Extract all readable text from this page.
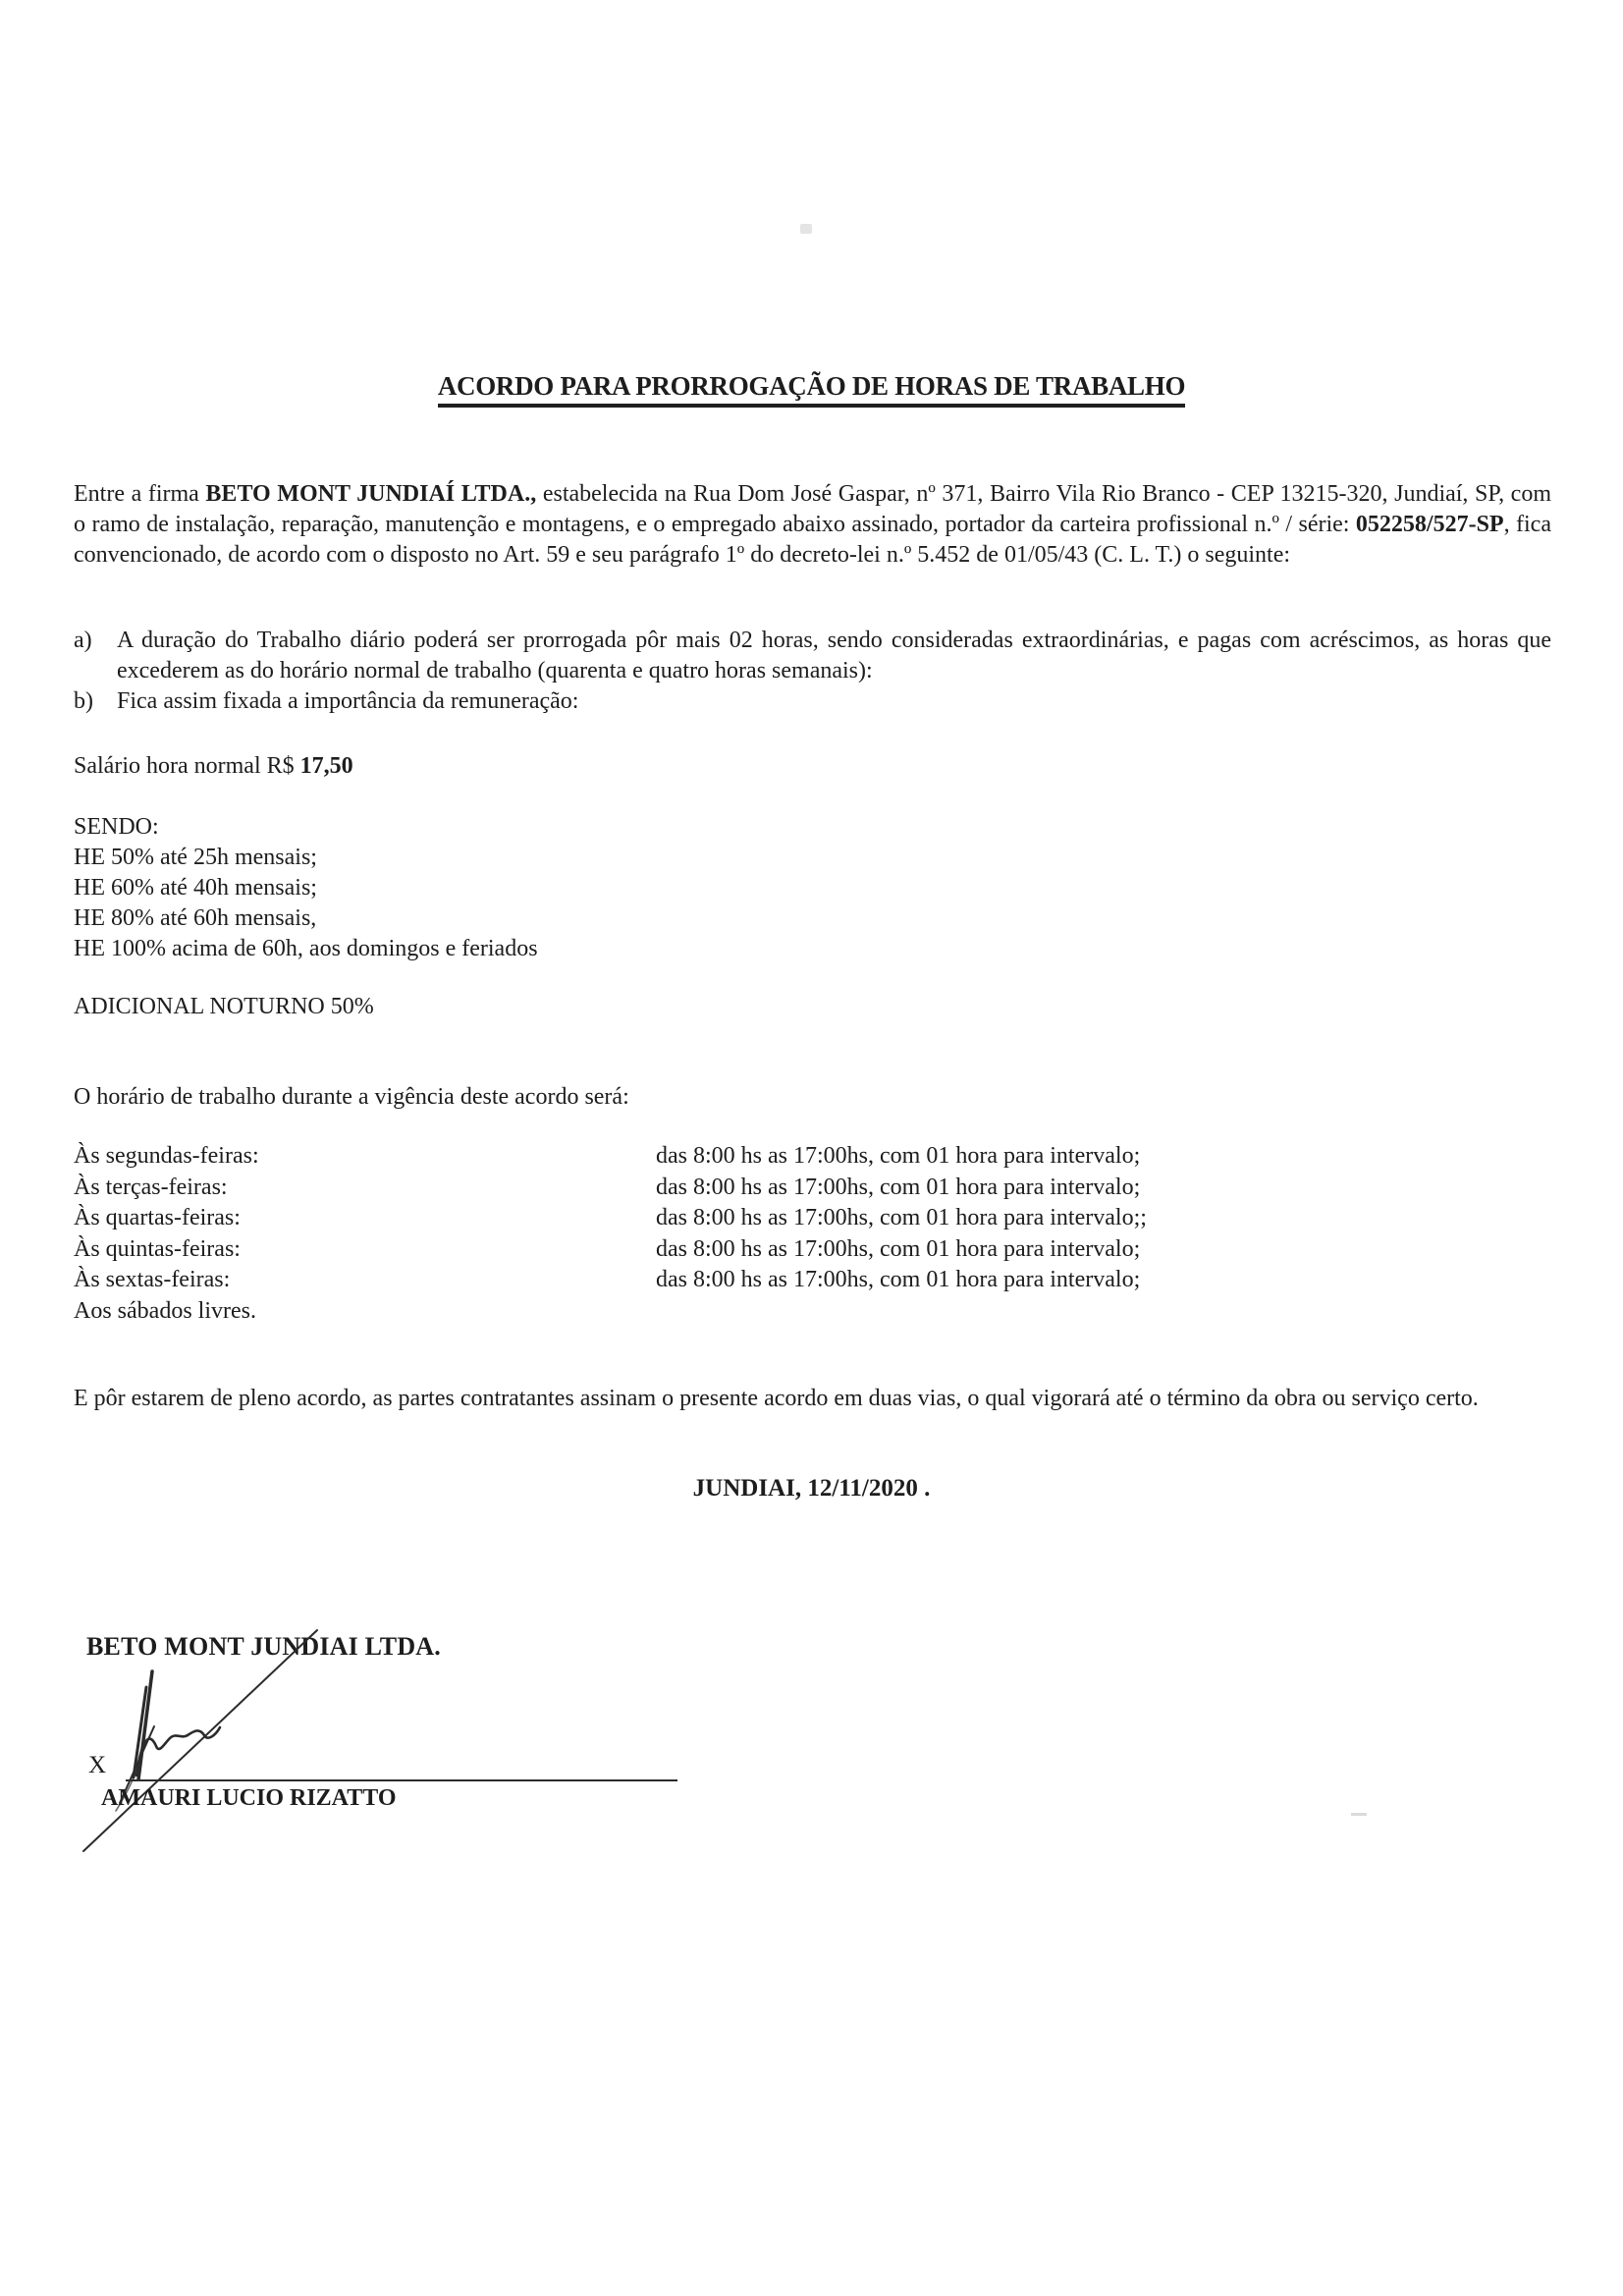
ACORDO PARA PRORROGAÇÃO DE HORAS DE TRABALHO

Entre a firma BETO MONT JUNDIAÍ LTDA., estabelecida na Rua Dom José Gaspar, nº 371, Bairro Vila Rio Branco - CEP 13215-320, Jundiaí, SP, com o ramo de instalação, reparação, manutenção e montagens, e o empregado abaixo assinado, portador da carteira profissional n.º / série: 052258/527-SP, fica convencionado, de acordo com o disposto no Art. 59 e seu parágrafo 1º do decreto-lei n.º 5.452 de 01/05/43 (C. L. T.) o seguinte:

a) A duração do Trabalho diário poderá ser prorrogada pôr mais 02 horas, sendo consideradas extraordinárias, e pagas com acréscimos, as horas que excederem as do horário normal de trabalho (quarenta e quatro horas semanais):
b) Fica assim fixada a importância da remuneração:
Salário hora normal R$ 17,50
SENDO:
HE 50% até 25h mensais;
HE 60% até 40h mensais;
HE 80% até 60h mensais,
HE 100% acima de 60h, aos domingos e feriados
ADICIONAL NOTURNO 50%
O horário de trabalho durante a vigência deste acordo será:
Às segundas-feiras:	das 8:00 hs as 17:00hs, com 01 hora para intervalo;
Às terças-feiras:	das 8:00 hs as 17:00hs, com 01 hora para intervalo;
Às quartas-feiras:	das 8:00 hs as 17:00hs, com 01 hora para intervalo;;
Às quintas-feiras:	das 8:00 hs as 17:00hs, com 01 hora para intervalo;
Às sextas-feiras:	das 8:00 hs as 17:00hs, com 01 hora para intervalo;
Aos sábados livres.

E pôr estarem de pleno acordo, as partes contratantes assinam o presente acordo em duas vias, o qual vigorará até o término da obra ou serviço certo.

JUNDIAI, 12/11/2020 .
BETO MONT JUNDIAI LTDA.
X
AMAURI LUCIO RIZATTO
